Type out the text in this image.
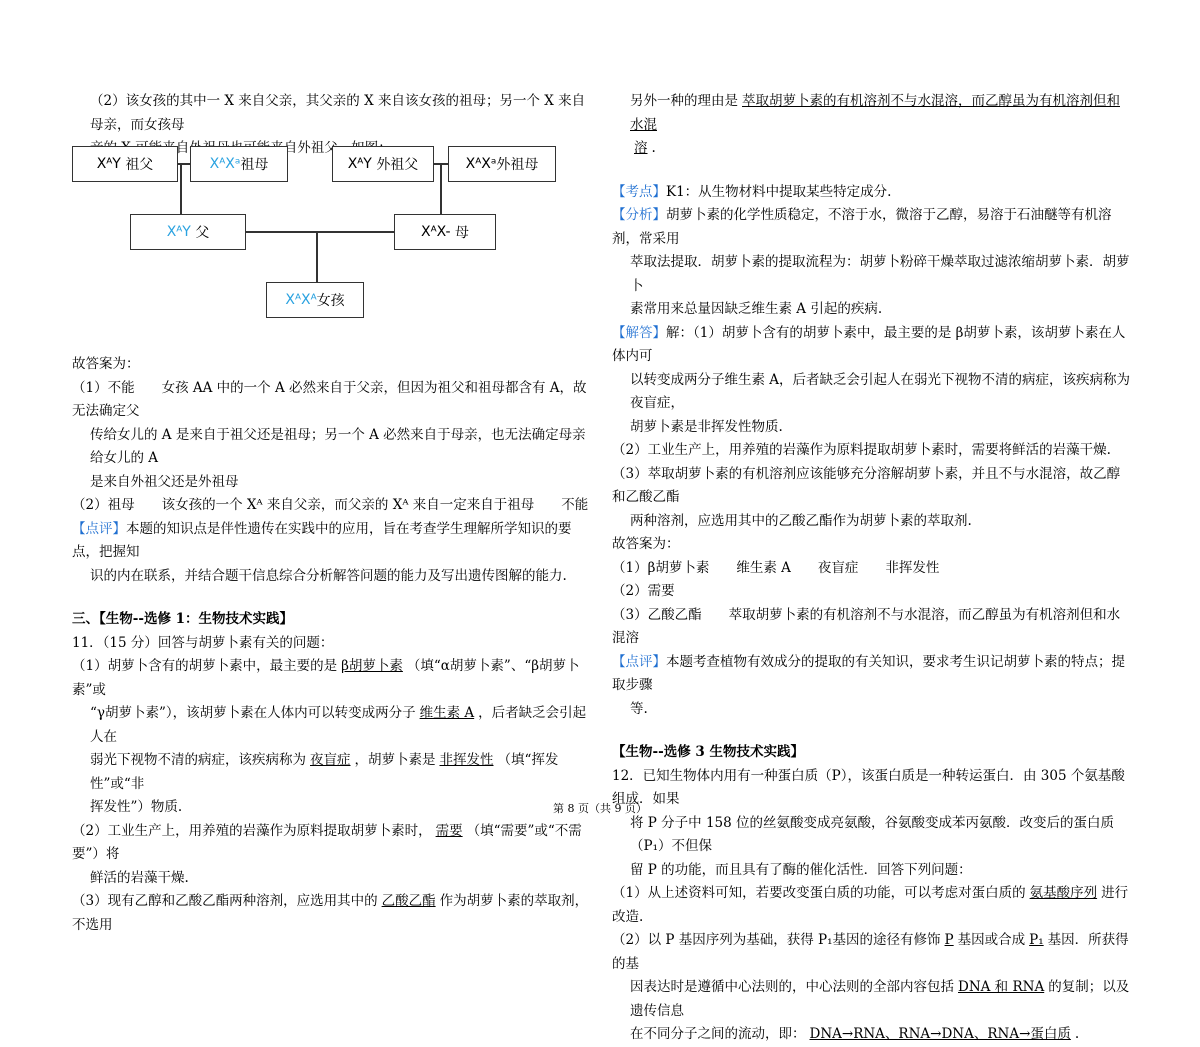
（2）该女孩的其中一 X 来自父亲，其父亲的 X 来自该女孩的祖母；另一个 X 来自母亲，而女孩母

XᴬY
祖父	XᴬXᵃ 祖母	XᴬY
外祖父	XᴬXᵃ 外祖母
XᴬY
父	XᴬX-
母
XᴬXᴬ 女孩

故答案为：

（1）不能　　女孩 AA 中的一个 A 必然来自于父亲，但因为祖父和祖母都含有 A，故无法确定父

传给女儿的 A 是来自于祖父还是祖母；另一个 A 必然来自于母亲，也无法确定母亲给女儿的 A

是来自外祖父还是外祖母

（2）祖母　　该女孩的一个 Xᴬ 来自父亲，而父亲的 Xᴬ 来自一定来自于祖母　　不能

【点评】本题的知识点是伴性遗传在实践中的应用，旨在考查学生理解所学知识的要点，把握知

识的内在联系，并结合题干信息综合分析解答问题的能力及写出遗传图解的能力.

三、【生物--选修 1：生物技术实践】

11．（15 分）回答与胡萝卜素有关的问题：

（1）胡萝卜含有的胡萝卜素中，最主要的是 β胡萝卜素 （填“α胡萝卜素”、“β胡萝卜素”或

“γ胡萝卜素”），该胡萝卜素在人体内可以转变成两分子 维生素 A ，后者缺乏会引起人在

弱光下视物不清的病症，该疾病称为 夜盲症 ，胡萝卜素是 非挥发性 （填“挥发性”或“非

挥发性”）物质.

（2）工业生产上，用养殖的岩藻作为原料提取胡萝卜素时， 需要 （填“需要”或“不需要”）将

鲜活的岩藻干燥.

（3）现有乙醇和乙酸乙酯两种溶剂，应选用其中的 乙酸乙酯 作为胡萝卜素的萃取剂，不选用

另外一种的理由是 萃取胡萝卜素的有机溶剂不与水混溶，而乙醇虽为有机溶剂但和水混

溶 .

【考点】K1：从生物材料中提取某些特定成分.

【分析】胡萝卜素的化学性质稳定，不溶于水，微溶于乙醇，易溶于石油醚等有机溶剂，常采用

萃取法提取．胡萝卜素的提取流程为：胡萝卜粉碎干燥萃取过滤浓缩胡萝卜素．胡萝卜

素常用来总量因缺乏维生素 A 引起的疾病.

【解答】解：（1）胡萝卜含有的胡萝卜素中，最主要的是 β胡萝卜素，该胡萝卜素在人体内可

以转变成两分子维生素 A，后者缺乏会引起人在弱光下视物不清的病症，该疾病称为夜盲症，

胡萝卜素是非挥发性物质.

（2）工业生产上，用养殖的岩藻作为原料提取胡萝卜素时，需要将鲜活的岩藻干燥.

（3）萃取胡萝卜素的有机溶剂应该能够充分溶解胡萝卜素，并且不与水混溶，故乙醇和乙酸乙酯

两种溶剂，应选用其中的乙酸乙酯作为胡萝卜素的萃取剂.

故答案为：

（1）β胡萝卜素　　维生素 A　　夜盲症　　非挥发性

（2）需要

（3）乙酸乙酯　　萃取胡萝卜素的有机溶剂不与水混溶，而乙醇虽为有机溶剂但和水混溶

【点评】本题考查植物有效成分的提取的有关知识，要求考生识记胡萝卜素的特点；提取步骤

等.

【生物--选修 3 生物技术实践】

12．已知生物体内用有一种蛋白质（P），该蛋白质是一种转运蛋白．由 305 个氨基酸组成．如果

将 P 分子中 158 位的丝氨酸变成亮氨酸，谷氨酸变成苯丙氨酸．改变后的蛋白质（P₁）不但保

留 P 的功能，而且具有了酶的催化活性．回答下列问题：

（1）从上述资料可知，若要改变蛋白质的功能，可以考虑对蛋白质的 氨基酸序列 进行改造.

（2）以 P 基因序列为基础，获得 P₁基因的途径有修饰 P 基因或合成 P₁ 基因．所获得的基

因表达时是遵循中心法则的，中心法则的全部内容包括 DNA 和 RNA 的复制；以及遗传信息

在不同分子之间的流动，即： DNA→RNA、RNA→DNA、RNA→蛋白质 .

第 8 页（共 9 页）
